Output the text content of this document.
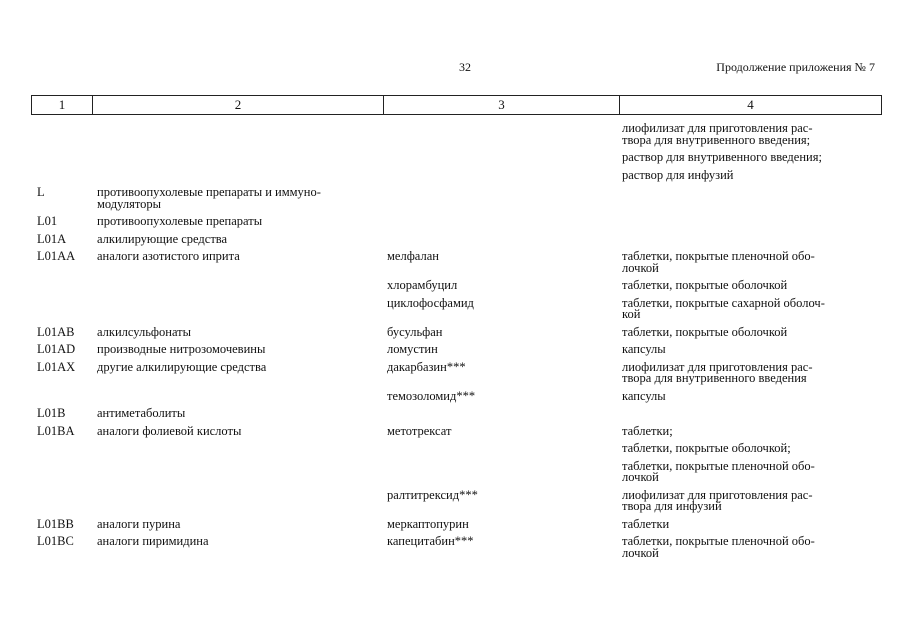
32	Продолжение приложения № 7
1	2	3	4
			лиофилизат для приготовления рас-
твора для внутривенного введения;
			раствор для внутривенного введения;
			раствор для инфузий
L	противоопухолевые препараты и иммуно-
модуляторы		
L01	противоопухолевые препараты		
L01A	алкилирующие средства		
L01AA	аналоги азотистого иприта	мелфалан	таблетки, покрытые пленочной обо-
лочкой
		хлорамбуцил	таблетки, покрытые оболочкой
		циклофосфамид	таблетки, покрытые сахарной оболоч-
кой
L01AB	алкилсульфонаты	бусульфан	таблетки, покрытые оболочкой
L01AD	производные нитрозомочевины	ломустин	капсулы
L01AX	другие алкилирующие средства	дакарбазин***	лиофилизат для приготовления рас-
твора для внутривенного введения
		темозоломид***	капсулы
L01B	антиметаболиты		
L01BA	аналоги фолиевой кислоты	метотрексат	таблетки;
			таблетки, покрытые оболочкой;
			таблетки, покрытые пленочной обо-
лочкой
		ралтитрексид***	лиофилизат для приготовления рас-
твора для инфузий
L01BB	аналоги пурина	меркаптопурин	таблетки
L01BC	аналоги пиримидина	капецитабин***	таблетки, покрытые пленочной обо-
лочкой
